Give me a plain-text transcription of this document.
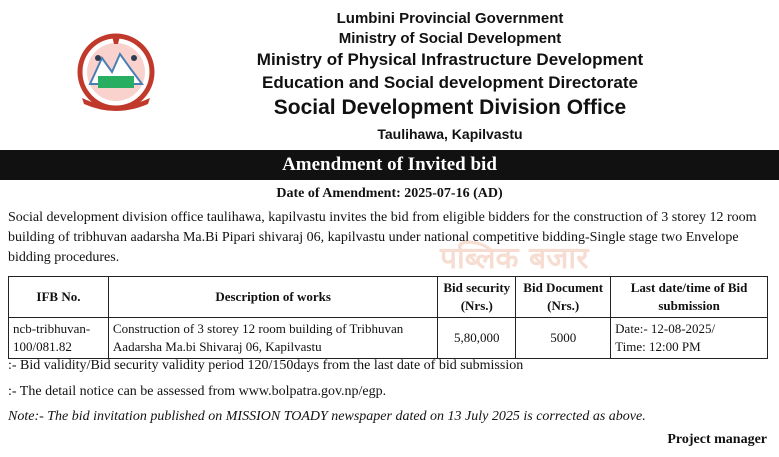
Lumbini Provincial Government
Ministry of Social Development
Ministry of Physical Infrastructure Development
Education and Social development Directorate
Social Development Division Office
Taulihawa, Kapilvastu
Amendment of Invited bid
Date of Amendment: 2025-07-16 (AD)
Social development division office taulihawa, kapilvastu invites the bid from eligible bidders for the construction of 3 storey 12 room building of tribhuvan aadarsha Ma.Bi Pipari shivaraj 06, kapilvastu under national competitive bidding-Single stage two Envelope bidding procedures.	पब्लिक बजार
IFB No.	Description of works	Bid security (Nrs.)	Bid Document (Nrs.)	Last date/time of Bid submission
ncb-tribhuvan-100/081.82	Construction of 3 storey 12 room building of Tribhuvan Aadarsha Ma.bi Shivaraj 06, Kapilvastu	5,80,000	5000	Date:- 12-08-2025/
Time: 12:00 PM
:- Bid validity/Bid security validity period 120/150days from the last date of bid submission
:- The detail notice can be assessed from www.bolpatra.gov.np/egp.
Note:- The bid invitation published on MISSION TOADY newspaper dated on 13 July 2025 is corrected as above.
Project manager
